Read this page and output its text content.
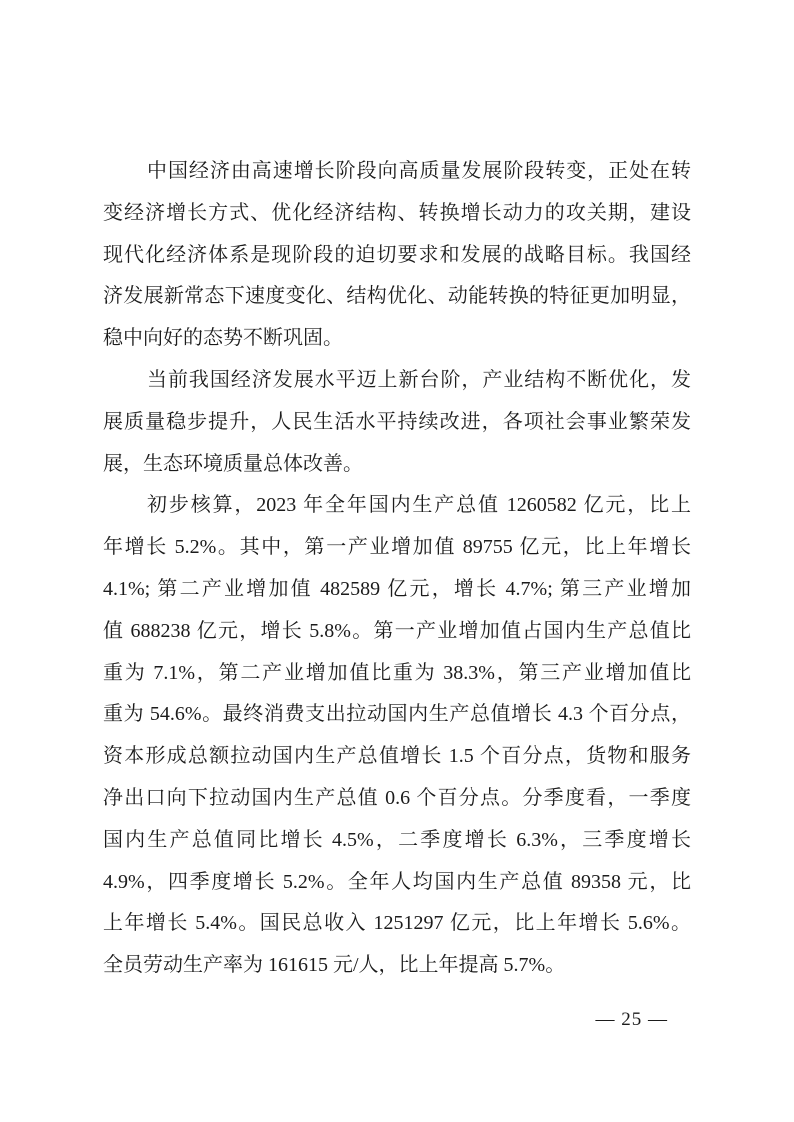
中国经济由高速增长阶段向高质量发展阶段转变，正处在转
变经济增长方式、优化经济结构、转换增长动力的攻关期，建设
现代化经济体系是现阶段的迫切要求和发展的战略目标。我国经
济发展新常态下速度变化、结构优化、动能转换的特征更加明显，
稳中向好的态势不断巩固。
当前我国经济发展水平迈上新台阶，产业结构不断优化，发
展质量稳步提升，人民生活水平持续改进，各项社会事业繁荣发
展，生态环境质量总体改善。
初步核算，2023 年全年国内生产总值 1260582 亿元，比上
年增长 5.2%。其中，第一产业增加值 89755 亿元，比上年增长
4.1%; 第二产业增加值 482589 亿元，增长 4.7%; 第三产业增加
值 688238 亿元，增长 5.8%。第一产业增加值占国内生产总值比
重为 7.1%，第二产业增加值比重为 38.3%，第三产业增加值比
重为 54.6%。最终消费支出拉动国内生产总值增长 4.3 个百分点，
资本形成总额拉动国内生产总值增长 1.5 个百分点，货物和服务
净出口向下拉动国内生产总值 0.6 个百分点。分季度看，一季度
国内生产总值同比增长 4.5%，二季度增长 6.3%，三季度增长
4.9%，四季度增长 5.2%。全年人均国内生产总值 89358 元，比
上年增长 5.4%。国民总收入 1251297 亿元，比上年增长 5.6%。
全员劳动生产率为 161615 元/人，比上年提高 5.7%。
— 25 —
